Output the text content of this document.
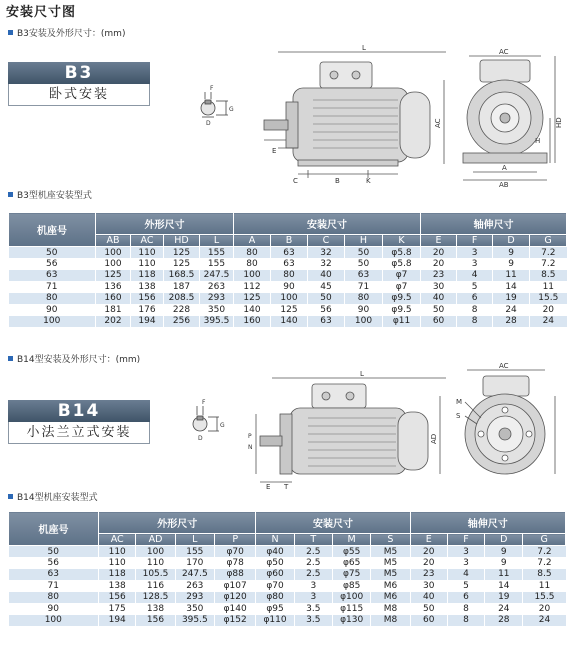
安装尺寸图
B3安装及外形尺寸：(mm)
B3
卧式安装	F
G
D
L
AC
E
C	B	K
AC
HD
H
A
AB
B3型机座安装型式
机座号	外形尺寸				安装尺寸					轴伸尺寸			
	AB	AC	HD	L	A	B	C	H	K	E	F	D	G
50	100	110	125	155	80	63	32	50	φ5.8	20	3	9	7.2
56	100	110	125	155	80	63	32	50	φ5.8	20	3	9	7.2
63	125	118	168.5	247.5	100	80	40	63	φ7	23	4	11	8.5
71	136	138	187	263	112	90	45	71	φ7	30	5	14	11
80	160	156	208.5	293	125	100	50	80	φ9.5	40	6	19	15.5
90	181	176	228	350	140	125	56	90	φ9.5	50	8	24	20
100	202	194	256	395.5	160	140	63	100	φ11	60	8	28	24
B14型安装及外形尺寸：(mm)
B14
小法兰立式安装
F
G
D
L
AD
P
N
E T
AC
M
S
B14型机座安装型式
机座号	外形尺寸				安装尺寸				轴伸尺寸			
	AC	AD	L	P	N	T	M	S	E	F	D	G
50	110	100	155	φ70	φ40	2.5	φ55	M5	20	3	9	7.2
56	110	110	170	φ78	φ50	2.5	φ65	M5	20	3	9	7.2
63	118	105.5	247.5	φ88	φ60	2.5	φ75	M5	23	4	11	8.5
71	138	116	263	φ107	φ70	3	φ85	M6	30	5	14	11
80	156	128.5	293	φ120	φ80	3	φ100	M6	40	6	19	15.5
90	175	138	350	φ140	φ95	3.5	φ115	M8	50	8	24	20
100	194	156	395.5	φ152	φ110	3.5	φ130	M8	60	8	28	24
